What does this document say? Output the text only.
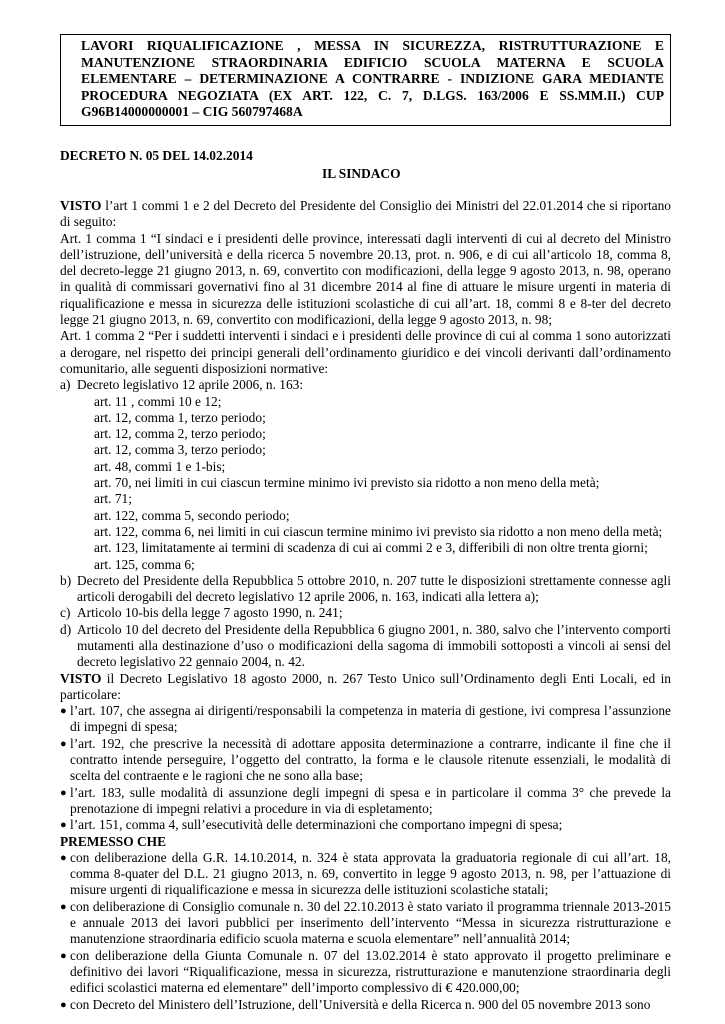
LAVORI RIQUALIFICAZIONE , MESSA IN SICUREZZA, RISTRUTTURAZIONE E MANUTENZIONE STRAORDINARIA EDIFICIO SCUOLA MATERNA E SCUOLA ELEMENTARE – DETERMINAZIONE A CONTRARRE - INDIZIONE GARA MEDIANTE PROCEDURA NEGOZIATA (EX ART. 122, C. 7, D.LGS. 163/2006 E SS.MM.II.) CUP G96B14000000001 – CIG 560797468A
DECRETO N. 05 DEL 14.02.2014
IL SINDACO

VISTO l’art 1 commi 1 e 2 del Decreto del Presidente del Consiglio dei Ministri del 22.01.2014 che si riportano di seguito:

Art. 1 comma 1 “I sindaci e i presidenti delle province, interessati dagli interventi di cui al decreto del Ministro dell’istruzione, dell’università e della ricerca 5 novembre 20.13, prot. n. 906, e di cui all’articolo 18, comma 8, del decreto-legge 21 giugno 2013, n. 69, convertito con modificazioni, della legge 9 agosto 2013, n. 98, operano in qualità di commissari governativi fino al 31 dicembre 2014 al fine di attuare le misure urgenti in materia di riqualificazione e messa in sicurezza delle istituzioni scolastiche di cui all’art. 18, commi 8 e 8-ter del decreto legge 21 giugno 2013, n. 69, convertito con modificazioni, della legge 9 agosto 2013, n. 98;

Art. 1 comma 2 “Per i suddetti interventi i sindaci e i presidenti delle province di cui al comma 1 sono autorizzati a derogare, nel rispetto dei principi generali dell’ordinamento giuridico e dei vincoli derivanti dall’ordinamento comunitario, alle seguenti disposizioni normative:

a) Decreto legislativo 12 aprile 2006, n. 163:
art. 11 , commi 10 e 12;
art. 12, comma 1, terzo periodo;
art. 12, comma 2, terzo periodo;
art. 12, comma 3, terzo periodo;
art. 48, commi 1 e 1-bis;
art. 70, nei limiti in cui ciascun termine minimo ivi previsto sia ridotto a non meno della metà;
art. 71;
art. 122, comma 5, secondo periodo;
art. 122, comma 6, nei limiti in cui ciascun termine minimo ivi previsto sia ridotto a non meno della metà;
art. 123, limitatamente ai termini di scadenza di cui ai commi 2 e 3, differibili di non oltre trenta giorni;
art. 125, comma 6;
b) Decreto del Presidente della Repubblica 5 ottobre 2010, n. 207 tutte le disposizioni strettamente connesse agli articoli derogabili del decreto legislativo 12 aprile 2006, n. 163, indicati alla lettera a);
c) Articolo 10-bis della legge 7 agosto 1990, n. 241;
d) Articolo 10 del decreto del Presidente della Repubblica 6 giugno 2001, n. 380, salvo che l’intervento comporti mutamenti alla destinazione d’uso o modificazioni della sagoma di immobili sottoposti a vincoli ai sensi del decreto legislativo 22 gennaio 2004, n. 42.

VISTO il Decreto Legislativo 18 agosto 2000, n. 267 Testo Unico sull’Ordinamento degli Enti Locali, ed in particolare:

● l’art. 107, che assegna ai dirigenti/responsabili la competenza in materia di gestione, ivi compresa l’assunzione di impegni di spesa;
● l’art. 192, che prescrive la necessità di adottare apposita determinazione a contrarre, indicante il fine che il contratto intende perseguire, l’oggetto del contratto, la forma e le clausole ritenute essenziali, le modalità di scelta del contraente e le ragioni che ne sono alla base;
● l’art. 183, sulle modalità di assunzione degli impegni di spesa e in particolare il comma 3° che prevede la prenotazione di impegni relativi a procedure in via di espletamento;
● l’art. 151, comma 4, sull’esecutività delle determinazioni che comportano impegni di spesa;

PREMESSO CHE

● con deliberazione della G.R. 14.10.2014, n. 324 è stata approvata la graduatoria regionale di cui all’art. 18, comma 8-quater del D.L. 21 giugno 2013, n. 69, convertito in legge 9 agosto 2013, n. 98, per l’attuazione di misure urgenti di riqualificazione e messa in sicurezza delle istituzioni scolastiche statali;
● con deliberazione di Consiglio comunale n. 30 del 22.10.2013 è stato variato il programma triennale 2013-2015 e annuale 2013 dei lavori pubblici per inserimento dell’intervento “Messa in sicurezza ristrutturazione e manutenzione straordinaria edificio scuola materna e scuola elementare” nell’annualità 2014;
● con deliberazione della Giunta Comunale n. 07 del 13.02.2014 è stato approvato il progetto preliminare e definitivo dei lavori “Riqualificazione, messa in sicurezza, ristrutturazione e manutenzione straordinaria degli edifici scolastici materna ed elementare” dell’importo complessivo di € 420.000,00;
● con Decreto del Ministero dell’Istruzione, dell’Università e della Ricerca n. 900 del 05 novembre 2013 sono
